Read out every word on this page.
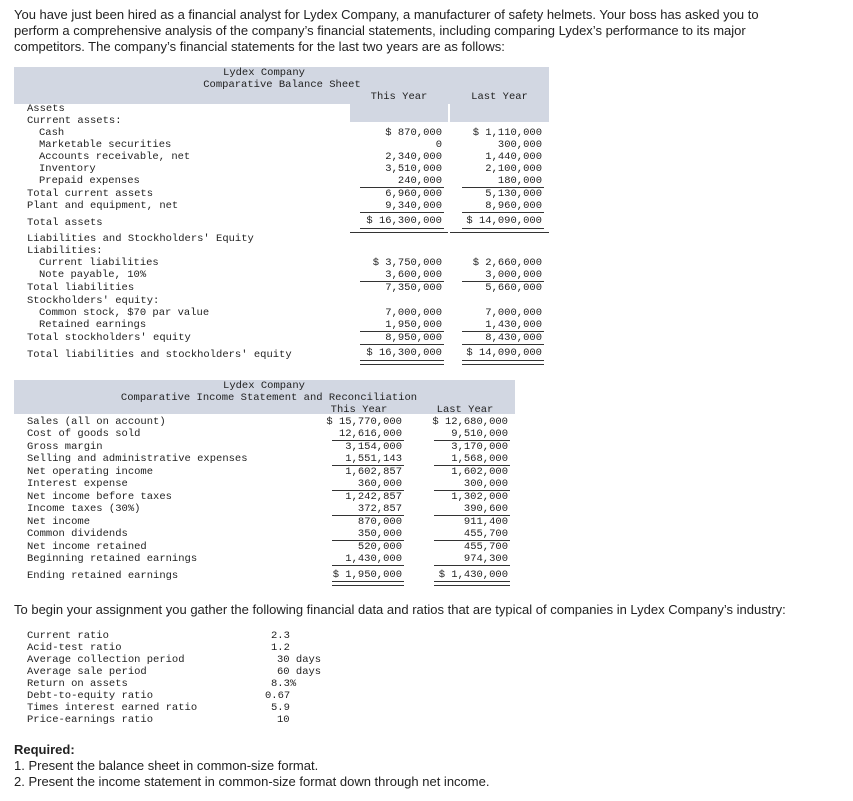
You have just been hired as a financial analyst for Lydex Company, a manufacturer of safety helmets. Your boss has asked you to perform a comprehensive analysis of the company’s financial statements, including comparing Lydex’s performance to its major competitors. The company’s financial statements for the last two years are as follows:
Lydex Company
Comparative Balance Sheet
This Year	Last Year
Assets
Current assets:
Cash
Marketable securities
Accounts receivable, net
Inventory
Prepaid expenses
Total current assets
Plant and equipment, net
Total assets
Liabilities and Stockholders' Equity
Liabilities:
Current liabilities
Note payable, 10%
Total liabilities
Stockholders' equity:
Common stock, $70 par value
Retained earnings
Total stockholders' equity
Total liabilities and stockholders' equity
$ 870,000
0
2,340,000
3,510,000
240,000
6,960,000
9,340,000
$ 16,300,000
$ 3,750,000
3,600,000
7,350,000
7,000,000
1,950,000
8,950,000
$ 16,300,000
$ 1,110,000
300,000
1,440,000
2,100,000
180,000
5,130,000
8,960,000
$ 14,090,000
$ 2,660,000
3,000,000
5,660,000
7,000,000
1,430,000
8,430,000
$ 14,090,000
Lydex Company
Comparative Income Statement and Reconciliation
This Year	Last Year
Sales (all on account)
Cost of goods sold
Gross margin
Selling and administrative expenses
Net operating income
Interest expense
Net income before taxes
Income taxes (30%)
Net income
Common dividends
Net income retained
Beginning retained earnings
Ending retained earnings
$ 15,770,000
12,616,000
3,154,000
1,551,143
1,602,857
360,000
1,242,857
372,857
870,000
350,000
520,000
1,430,000
$ 1,950,000
$ 12,680,000
9,510,000
3,170,000
1,568,000
1,602,000
300,000
1,302,000
390,600
911,400
455,700
455,700
974,300
$ 1,430,000
To begin your assignment you gather the following financial data and ratios that are typical of companies in Lydex Company’s industry:
Current ratio
Acid-test ratio
Average collection period
Average sale period
Return on assets
Debt-to-equity ratio
Times interest earned ratio
Price-earnings ratio
2.3
1.2
30 days
60 days
8.3%
0.67
5.9
10
Required:
1. Present the balance sheet in common-size format.
2. Present the income statement in common-size format down through net income.
